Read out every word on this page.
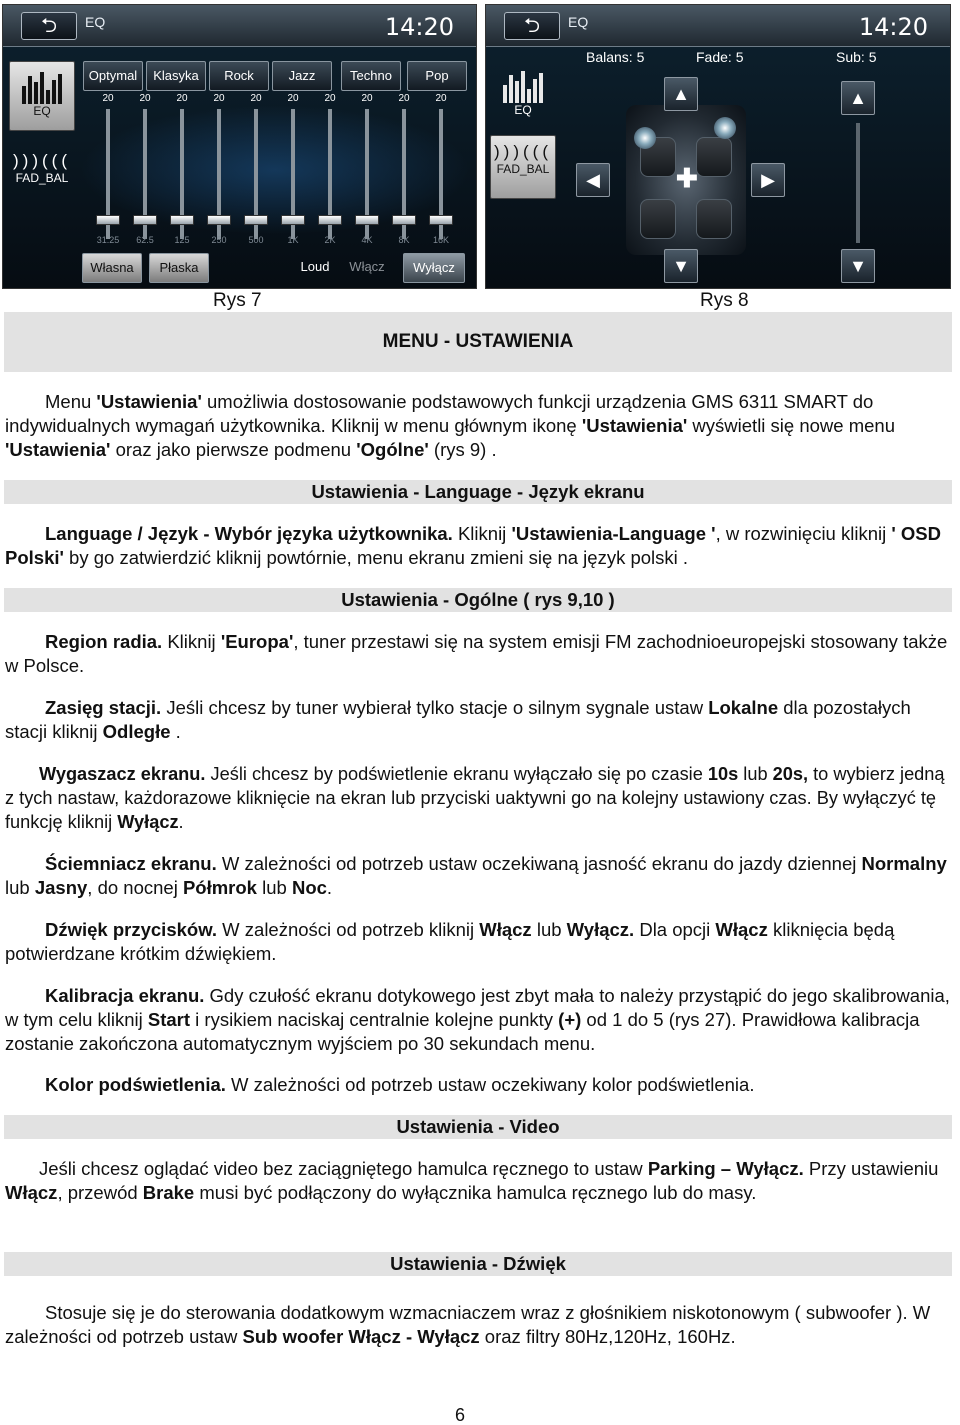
⮌	EQ	14:20
EQ
)))(((
FAD_BAL
Optymal	Klasyka	Rock	Jazz	Techno	Pop
20	20	20	20	20	20	20	20	20	20
31.25	62.5	125	250	500	1K	2K	4K	8K	16K
Własna	Płaska	Loud	Włącz	Wyłącz
⮌	EQ	14:20
EQ
)))(((
FAD_BAL
Balans: 5	Fade: 5	Sub: 5
✚
▲
▼
◀	▶
▲
▼
Rys 7	Rys 8
MENU - USTAWIENIA
Menu 'Ustawienia' umożliwia dostosowanie podstawowych funkcji urządzenia GMS 6311 SMART do indywidualnych wymagań użytkownika. Kliknij w menu głównym ikonę 'Ustawienia' wyświetli się nowe menu 'Ustawienia' oraz jako pierwsze podmenu 'Ogólne' (rys 9) .
Ustawienia - Language - Język ekranu
Language / Język - Wybór języka użytkownika. Kliknij 'Ustawienia-Language ', w rozwinięciu kliknij ' OSD Polski' by go zatwierdzić kliknij powtórnie, menu ekranu zmieni się na język polski .
Ustawienia - Ogólne ( rys 9,10 )
Region radia. Kliknij 'Europa', tuner przestawi się na system emisji FM zachodnioeuropejski stosowany także w Polsce.
Zasięg stacji. Jeśli chcesz by tuner wybierał tylko stacje o silnym sygnale ustaw Lokalne dla pozostałych stacji kliknij Odległe .
Wygaszacz ekranu. Jeśli chcesz by podświetlenie ekranu wyłączało się po czasie 10s lub 20s, to wybierz jedną z tych nastaw, każdorazowe kliknięcie na ekran lub przyciski uaktywni go na kolejny ustawiony czas. By wyłączyć tę funkcję kliknij Wyłącz.
Ściemniacz ekranu. W zależności od potrzeb ustaw oczekiwaną jasność ekranu do jazdy dziennej Normalny lub Jasny, do nocnej Półmrok lub Noc.
Dźwięk przycisków. W zależności od potrzeb kliknij Włącz lub Wyłącz. Dla opcji Włącz kliknięcia będą potwierdzane krótkim dźwiękiem.
Kalibracja ekranu. Gdy czułość ekranu dotykowego jest zbyt mała to należy przystąpić do jego skalibrowania, w tym celu kliknij Start i rysikiem naciskaj centralnie kolejne punkty (+) od 1 do 5 (rys 27). Prawidłowa kalibracja zostanie zakończona automatycznym wyjściem po 30 sekundach menu.
Kolor podświetlenia. W zależności od potrzeb ustaw oczekiwany kolor podświetlenia.
Ustawienia - Video
Jeśli chcesz oglądać video bez zaciągniętego hamulca ręcznego to ustaw Parking – Wyłącz. Przy ustawieniu Włącz, przewód Brake musi być podłączony do wyłącznika hamulca ręcznego lub do masy.
Ustawienia - Dźwięk
Stosuje się je do sterowania dodatkowym wzmacniaczem wraz z głośnikiem niskotonowym ( subwoofer ). W zależności od potrzeb ustaw Sub woofer Włącz - Wyłącz oraz filtry 80Hz,120Hz, 160Hz.
6
